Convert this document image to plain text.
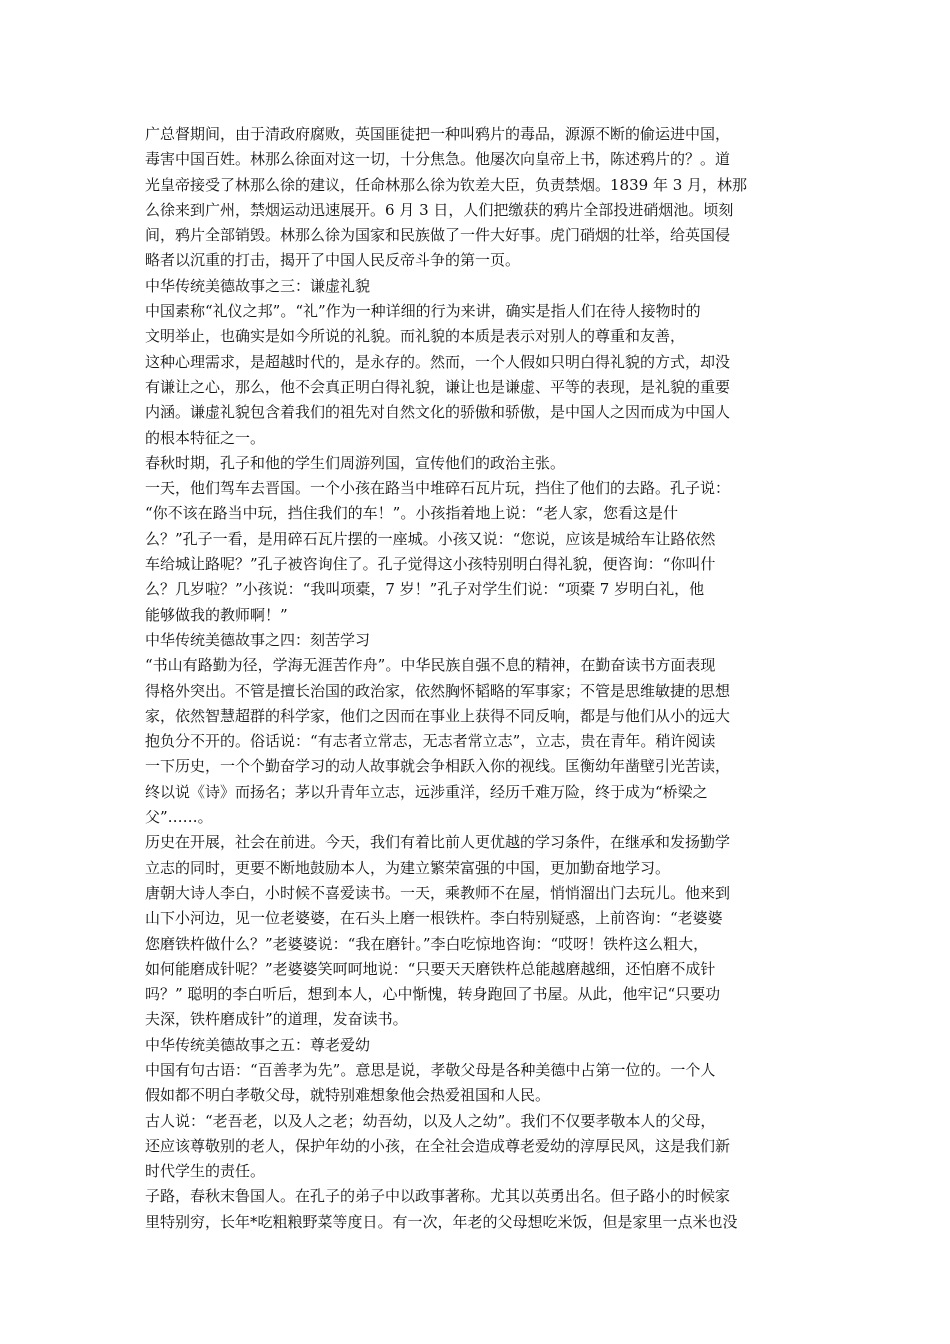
广总督期间，由于清政府腐败，英国匪徒把一种叫鸦片的毒品，源源不断的偷运进中国，
毒害中国百姓。林那么徐面对这一切，十分焦急。他屡次向皇帝上书，陈述鸦片的？。道
光皇帝接受了林那么徐的建议，任命林那么徐为钦差大臣，负责禁烟。1839 年 3 月，林那
么徐来到广州，禁烟运动迅速展开。6 月 3 日，人们把缴获的鸦片全部投进硝烟池。顷刻
间，鸦片全部销毁。林那么徐为国家和民族做了一件大好事。虎门硝烟的壮举，给英国侵
略者以沉重的打击，揭开了中国人民反帝斗争的第一页。
中华传统美德故事之三：谦虚礼貌
中国素称“礼仪之邦”。“礼”作为一种详细的行为来讲，确实是指人们在待人接物时的
文明举止，也确实是如今所说的礼貌。而礼貌的本质是表示对别人的尊重和友善，
这种心理需求，是超越时代的，是永存的。然而，一个人假如只明白得礼貌的方式，却没
有谦让之心，那么，他不会真正明白得礼貌，谦让也是谦虚、平等的表现，是礼貌的重要
内涵。谦虚礼貌包含着我们的祖先对自然文化的骄傲和骄傲，是中国人之因而成为中国人
的根本特征之一。
春秋时期，孔子和他的学生们周游列国，宣传他们的政治主张。
一天，他们驾车去晋国。一个小孩在路当中堆碎石瓦片玩，挡住了他们的去路。孔子说：
“你不该在路当中玩，挡住我们的车！”。小孩指着地上说：“老人家，您看这是什
么？”孔子一看，是用碎石瓦片摆的一座城。小孩又说：“您说，应该是城给车让路依然
车给城让路呢？”孔子被咨询住了。孔子觉得这小孩特别明白得礼貌，便咨询：“你叫什
么？几岁啦？”小孩说：“我叫项橐，7 岁！”孔子对学生们说：“项橐 7 岁明白礼，他
能够做我的教师啊！”
中华传统美德故事之四：刻苦学习
“书山有路勤为径，学海无涯苦作舟”。中华民族自强不息的精神，在勤奋读书方面表现
得格外突出。不管是擅长治国的政治家，依然胸怀韬略的军事家；不管是思维敏捷的思想
家，依然智慧超群的科学家，他们之因而在事业上获得不同反响，都是与他们从小的远大
抱负分不开的。俗话说：“有志者立常志，无志者常立志”，立志，贵在青年。稍许阅读
一下历史，一个个勤奋学习的动人故事就会争相跃入你的视线。匡衡幼年凿壁引光苦读，
终以说《诗》而扬名；茅以升青年立志，远涉重洋，经历千难万险，终于成为“桥梁之
父”……。
历史在开展，社会在前进。今天，我们有着比前人更优越的学习条件，在继承和发扬勤学
立志的同时，更要不断地鼓励本人，为建立繁荣富强的中国，更加勤奋地学习。
唐朝大诗人李白，小时候不喜爱读书。一天，乘教师不在屋，悄悄溜出门去玩儿。他来到
山下小河边，见一位老婆婆，在石头上磨一根铁杵。李白特别疑惑，上前咨询：“老婆婆
您磨铁杵做什么？”老婆婆说：“我在磨针。”李白吃惊地咨询：“哎呀！铁杵这么粗大，
如何能磨成针呢？”老婆婆笑呵呵地说：“只要天天磨铁杵总能越磨越细，还怕磨不成针
吗？” 聪明的李白听后，想到本人，心中惭愧，转身跑回了书屋。从此，他牢记“只要功
夫深，铁杵磨成针”的道理，发奋读书。
中华传统美德故事之五：尊老爱幼
中国有句古语：“百善孝为先”。意思是说，孝敬父母是各种美德中占第一位的。一个人
假如都不明白孝敬父母，就特别难想象他会热爱祖国和人民。
古人说：“老吾老，以及人之老；幼吾幼，以及人之幼”。我们不仅要孝敬本人的父母，
还应该尊敬别的老人，保护年幼的小孩，在全社会造成尊老爱幼的淳厚民风，这是我们新
时代学生的责任。
子路，春秋末鲁国人。在孔子的弟子中以政事著称。尤其以英勇出名。但子路小的时候家
里特别穷，长年*吃粗粮野菜等度日。有一次，年老的父母想吃米饭，但是家里一点米也没
